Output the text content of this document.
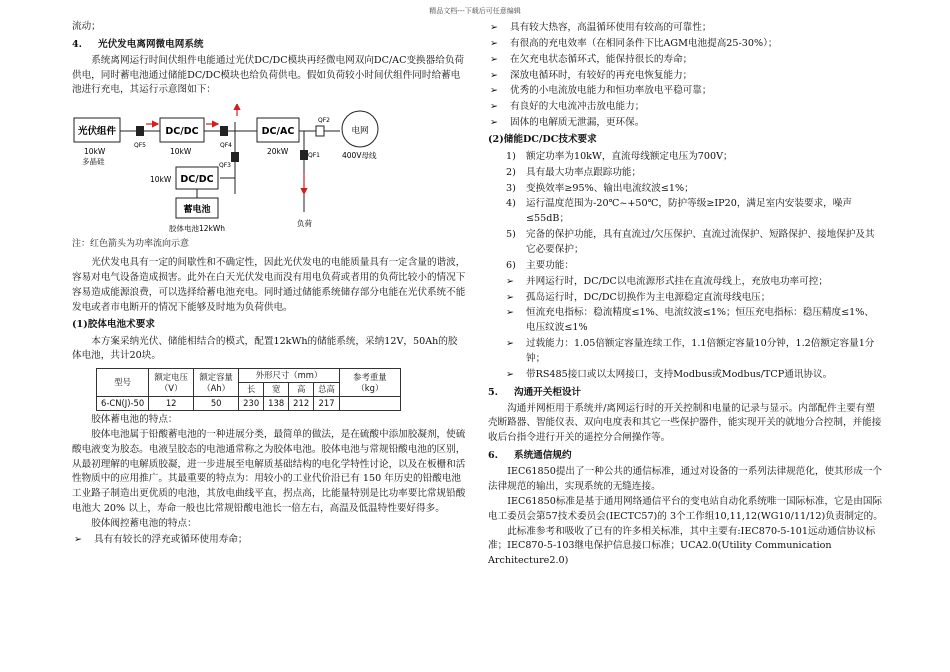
精品文档---下载后可任意编辑

流动；

4. 光伏发电离网微电网系统

系统离网运行时间伏组件电能通过光伏DC/DC模块再经微电网双向DC/AC变换器给负荷供电，同时蓄电池通过储能DC/DC模块也给负荷供电。假如负荷较小时间伏组件同时给蓄电池进行充电，其运行示意图如下：

光伏组件
10kW
多晶硅
QF5
DC/DC
10kW
QF4
QF3
DC/AC
20kW
QF2
QF1
负荷
电网
400V母线
DC/DC
10kW
蓄电池
胶体电池12kWh

注：红色箭头为功率流向示意

光伏发电具有一定的间歇性和不确定性，因此光伏发电的电能质量具有一定含量的谐波，容易对电气设备造成损害。此外在白天光伏发电而没有用电负荷或者用的负荷比较小的情况下容易造成能源浪费，可以选择给蓄电池充电。同时通过储能系统储存部分电能在光伏系统不能发电或者市电断开的情况下能够及时地为负荷供电。

(1)胶体电池术要求

本方案采纳光伏、储能相结合的模式，配置12kWh的储能系统，采纳12V，50Ah的胶体电池，共计20块。

型号	额定电压（V）	额定容量（Ah）	外形尺寸（mm）				参考重量（kg）
			长	宽	高	总高	
6-CN(J)-50	12	50	230	138	212	217	

胶体蓄电池的特点：

胶体电池属于铅酸蓄电池的一种进展分类，最简单的做法，是在硫酸中添加胶凝剂，使硫酸电液变为胶态。电液呈胶态的电池通常称之为胶体电池。胶体电池与常规铅酸电池的区别，从最初理解的电解质胶凝，进一步进展至电解质基础结构的电化学特性讨论，以及在板栅和活性物质中的应用推广。其最重要的特点为：用较小的工业代价沿已有 150 年历史的铅酸电池工业路子制造出更优质的电池，其放电曲线平直，拐点高，比能量特别是比功率要比常规铅酸电池大 20% 以上，寿命一般也比常规铅酸电池长一倍左右，高温及低温特性要好得多。

胶体阀控蓄电池的特点：

➢ 具有有较长的浮充或循环使用寿命；

➢ 具有较大热容，高温循环使用有较高的可靠性；

➢ 有很高的充电效率（在相同条件下比AGM电池提高25-30%）；

➢ 在欠充电状态循环式，能保持很长的寿命；

➢ 深放电循环时，有较好的再充电恢复能力；

➢ 优秀的小电流放电能力和恒功率放电平稳可靠；

➢ 有良好的大电流冲击放电能力；

➢ 固体的电解质无泄漏，更环保。

(2)储能DC/DC技术要求

1) 额定功率为10kW，直流母线额定电压为700V；

2) 具有最大功率点跟踪功能；

3) 变换效率≥95%、输出电流纹波≤1%；

4) 运行温度范围为-20℃~+50℃，防护等级≥IP20，满足室内安装要求，噪声≤55dB；

5) 完备的保护功能，具有直流过/欠压保护、直流过流保护、短路保护、接地保护及其它必要保护；

6) 主要功能：

➢ 并网运行时，DC/DC以电流源形式挂在直流母线上，充放电功率可控；

➢ 孤岛运行时，DC/DC切换作为主电源稳定直流母线电压；

➢ 恒流充电指标：稳流精度≤1%、电流纹波≤1%；恒压充电指标：稳压精度≤1%、电压纹波≤1%

➢ 过载能力：1.05倍额定容量连续工作，1.1倍额定容量10分钟，1.2倍额定容量1分钟；

➢ 带RS485接口或以太网接口，支持Modbus或Modbus/TCP通讯协议。

5. 沟通开关柜设计

沟通并网柜用于系统并/离网运行时的开关控制和电量的记录与显示。内部配件主要有塑壳断路器、智能仪表、双向电度表和其它一些保护器件，能实现开关的就地分合控制，并能接收后台指令进行开关的遥控分合闸操作等。

6. 系统通信规约

IEC61850提出了一种公共的通信标准，通过对设备的一系列法律规范化，使其形成一个法律规范的输出，实现系统的无缝连接。

IEC61850标准是基于通用网络通信平台的变电站自动化系统唯一国际标准，它是由国际电工委员会第57技术委员会(IECTC57)的 3个工作组10,11,12(WG10/11/12)负责制定的。

此标准参考和吸收了已有的许多相关标准，其中主要有:IEC870-5-101远动通信协议标准；IEC870-5-103继电保护信息接口标准；UCA2.0(Utility Communication Architecture2.0)
